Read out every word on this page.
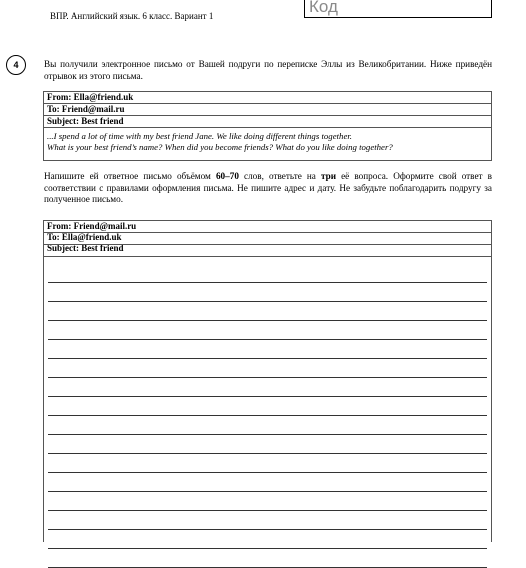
ВПР. Английский язык. 6 класс. Вариант 1	Код
4	Вы получили электронное письмо от Вашей подруги по переписке Эллы из Великобритании. Ниже приведён отрывок из этого письма.
From: Ella@friend.uk
To: Friend@mail.ru
Subject: Best friend
...I spend a lot of time with my best friend Jane. We like doing different things together.
What is your best friend’s name? When did you become friends? What do you like doing together?
Напишите ей ответное письмо объёмом 60–70 слов, ответьте на три её вопроса. Оформите свой ответ в соответствии с правилами оформления письма. Не пишите адрес и дату. Не забудьте поблагодарить подругу за полученное письмо.
From: Friend@mail.ru
To: Ella@friend.uk
Subject: Best friend
